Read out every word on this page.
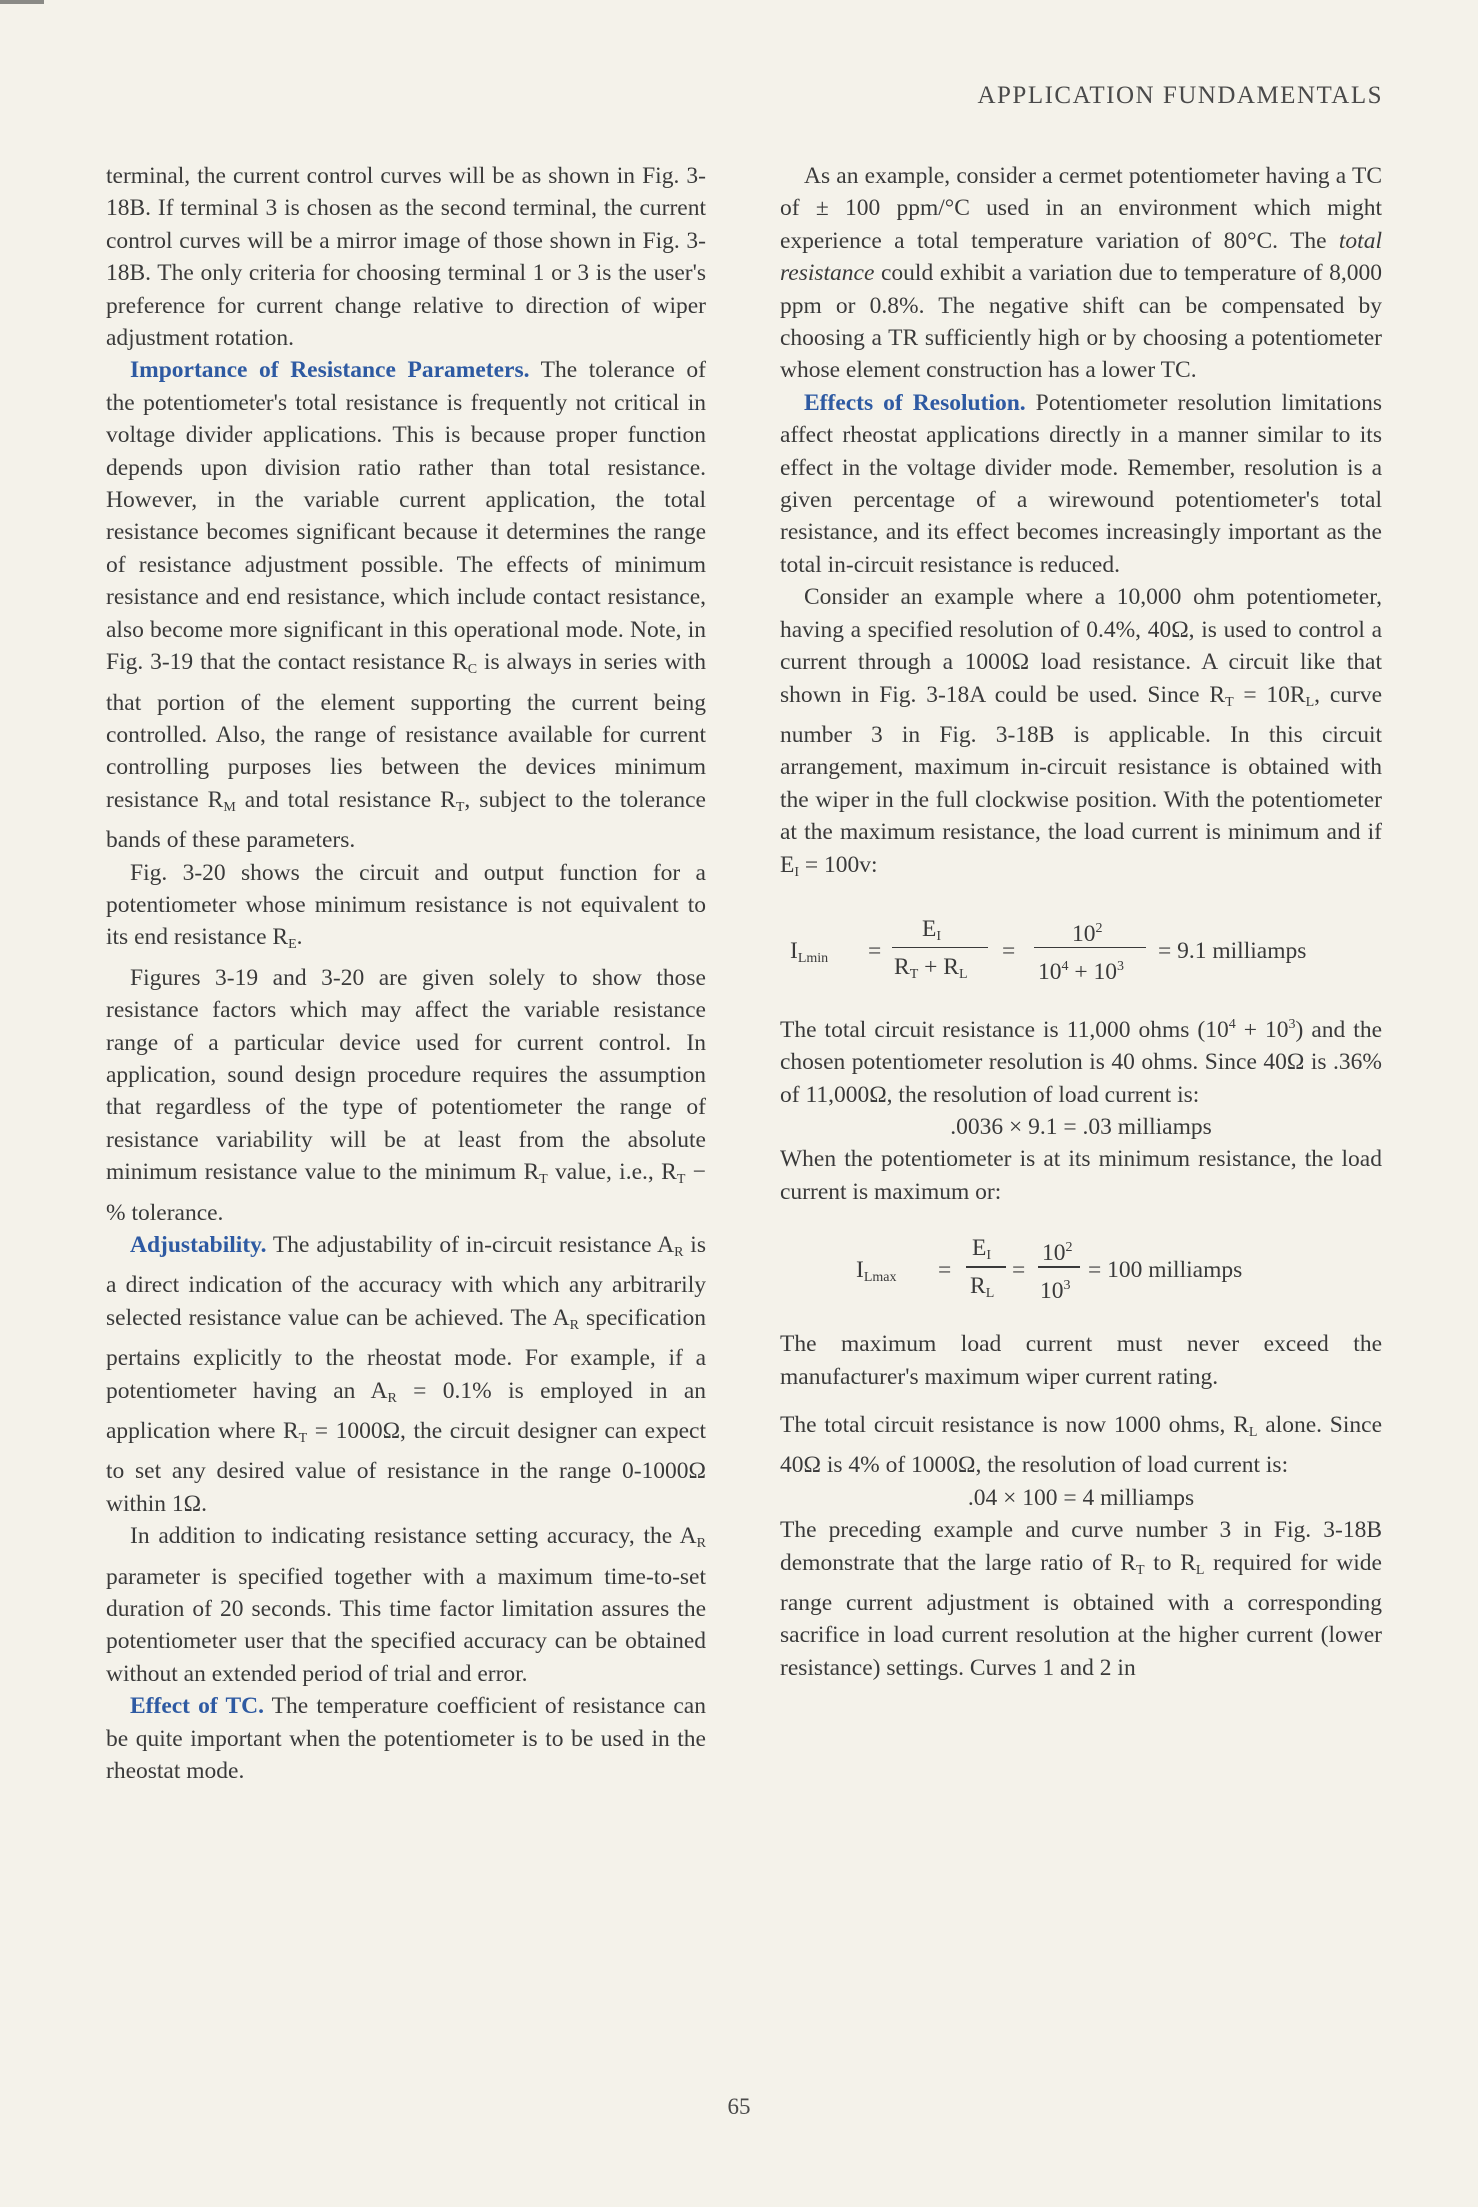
APPLICATION FUNDAMENTALS

terminal, the current control curves will be as shown in Fig. 3-18B. If terminal 3 is chosen as the second terminal, the current control curves will be a mirror image of those shown in Fig. 3-18B. The only criteria for choosing terminal 1 or 3 is the user's preference for current change relative to direction of wiper adjustment rotation.

Importance of Resistance Parameters. The tolerance of the potentiometer's total resistance is frequently not critical in voltage divider applications. This is because proper function depends upon division ratio rather than total resistance. However, in the variable current application, the total resistance becomes significant because it determines the range of resistance adjustment possible. The effects of minimum resistance and end resistance, which include contact resistance, also become more significant in this operational mode. Note, in Fig. 3-19 that the contact resistance $R_C$ is always in series with that portion of the element supporting the current being controlled. Also, the range of resistance available for current controlling purposes lies between the devices minimum resistance $R_M$ and total resistance $R_T$, subject to the tolerance bands of these parameters.

Fig. 3-20 shows the circuit and output function for a potentiometer whose minimum resistance is not equivalent to its end resistance $R_E$.

Figures 3-19 and 3-20 are given solely to show those resistance factors which may affect the variable resistance range of a particular device used for current control. In application, sound design procedure requires the assumption that regardless of the type of potentiometer the range of resistance variability will be at least from the absolute minimum resistance value to the minimum $R_T$ value, i.e., $R_T$ − % tolerance.

Adjustability. The adjustability of in-circuit resistance $A_R$ is a direct indication of the accuracy with which any arbitrarily selected resistance value can be achieved. The $A_R$ specification pertains explicitly to the rheostat mode. For example, if a potentiometer having an $A_R = 0.1\%$ is employed in an application where $R_T = 1000\Omega$, the circuit designer can expect to set any desired value of resistance in the range 0-1000Ω within 1Ω.

In addition to indicating resistance setting accuracy, the $A_R$ parameter is specified together with a maximum time-to-set duration of 20 seconds. This time factor limitation assures the potentiometer user that the specified accuracy can be obtained without an extended period of trial and error.

Effect of TC. The temperature coefficient of resistance can be quite important when the potentiometer is to be used in the rheostat mode.

As an example, consider a cermet potentiometer having a TC of ± 100 ppm/°C used in an environment which might experience a total temperature variation of 80°C. The total resistance could exhibit a variation due to temperature of 8,000 ppm or 0.8%. The negative shift can be compensated by choosing a TR sufficiently high or by choosing a potentiometer whose element construction has a lower TC.

Effects of Resolution. Potentiometer resolution limitations affect rheostat applications directly in a manner similar to its effect in the voltage divider mode. Remember, resolution is a given percentage of a wirewound potentiometer's total resistance, and its effect becomes increasingly important as the total in-circuit resistance is reduced.

Consider an example where a 10,000 ohm potentiometer, having a specified resolution of 0.4%, 40Ω, is used to control a current through a 1000Ω load resistance. A circuit like that shown in Fig. 3-18A could be used. Since $R_T = 10R_L$, curve number 3 in Fig. 3-18B is applicable. In this circuit arrangement, maximum in-circuit resistance is obtained with the wiper in the full clockwise position. With the potentiometer at the maximum resistance, the load current is minimum and if $E_I = 100v$:

$I_{Lmin}$ =
$E_I$
$R_T + R_L$
=
$10^2$
$10^4 + 10^3$
= 9.1 milliamps

The total circuit resistance is 11,000 ohms $(10^4 + 10^3)$ and the chosen potentiometer resolution is 40 ohms. Since 40Ω is .36% of 11,000Ω, the resolution of load current is:

.0036 × 9.1 = .03 milliamps

When the potentiometer is at its minimum resistance, the load current is maximum or:

$I_{Lmax}$ =
$E_I$
$R_L$
=
$10^2$
$10^3$
= 100 milliamps

The maximum load current must never exceed the manufacturer's maximum wiper current rating.

The total circuit resistance is now 1000 ohms, $R_L$ alone. Since 40Ω is 4% of 1000Ω, the resolution of load current is:

.04 × 100 = 4 milliamps

The preceding example and curve number 3 in Fig. 3-18B demonstrate that the large ratio of $R_T$ to $R_L$ required for wide range current adjustment is obtained with a corresponding sacrifice in load current resolution at the higher current (lower resistance) settings. Curves 1 and 2 in

65
